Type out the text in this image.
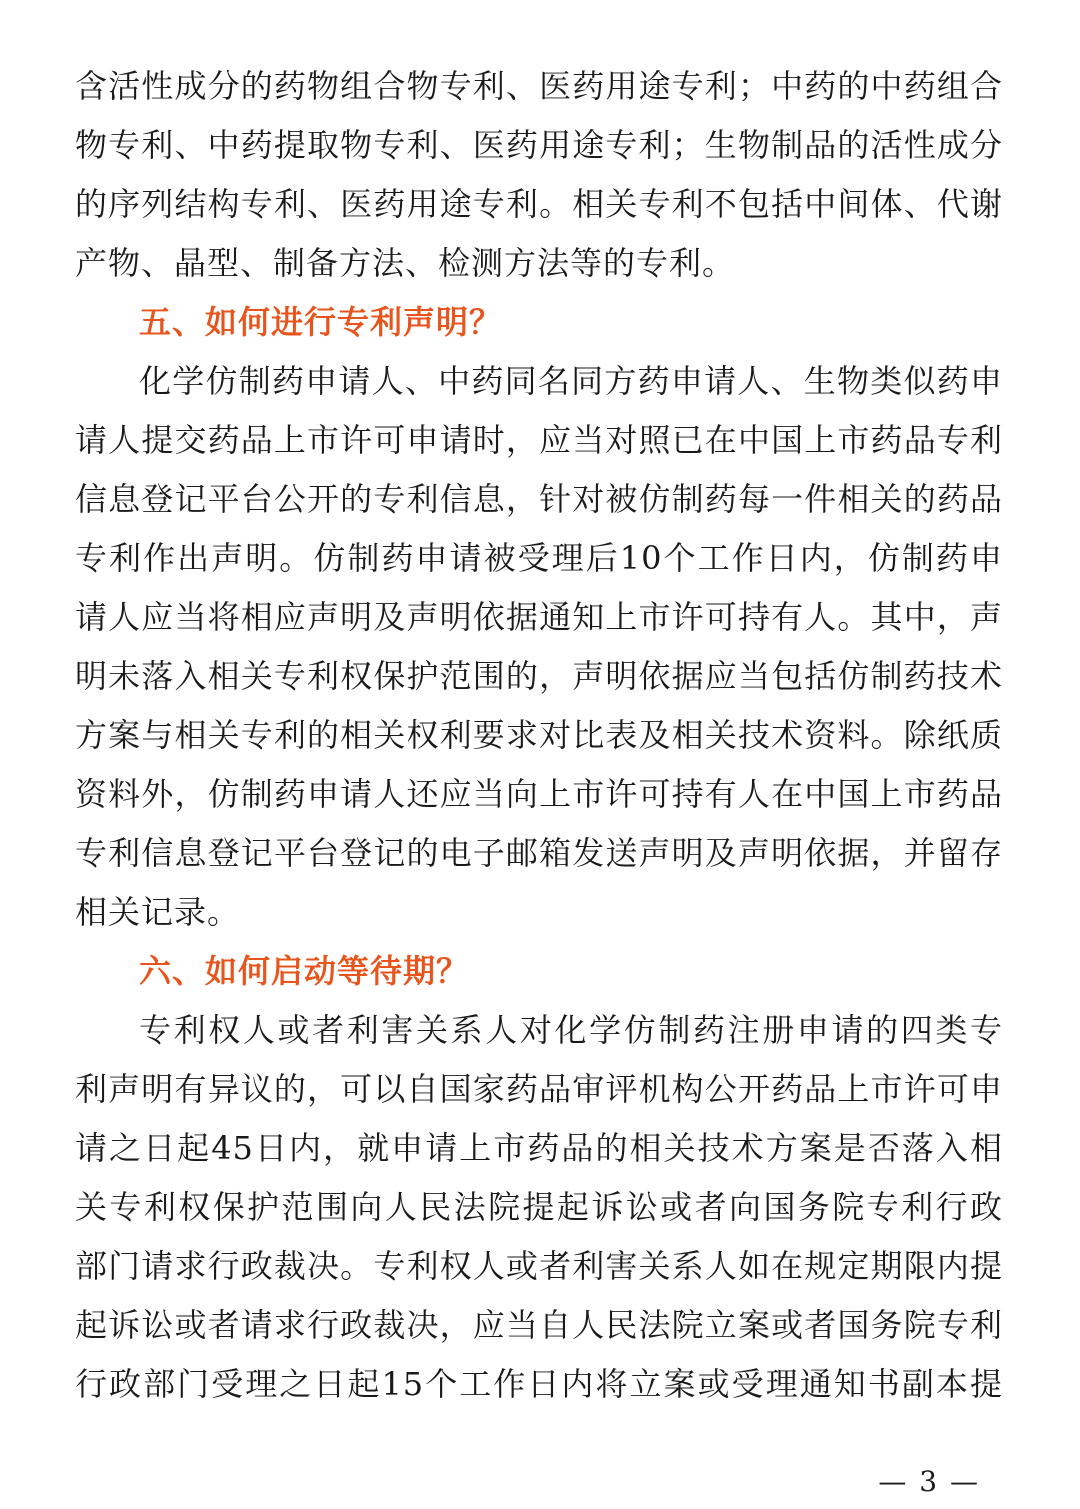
含活性成分的药物组合物专利、医药用途专利；中药的中药组合
物专利、中药提取物专利、医药用途专利；生物制品的活性成分
的序列结构专利、医药用途专利。相关专利不包括中间体、代谢
产物、晶型、制备方法、检测方法等的专利。
五、如何进行专利声明？
化学仿制药申请人、中药同名同方药申请人、生物类似药申
请人提交药品上市许可申请时，应当对照已在中国上市药品专利
信息登记平台公开的专利信息，针对被仿制药每一件相关的药品
专利作出声明。仿制药申请被受理后10个工作日内，仿制药申
请人应当将相应声明及声明依据通知上市许可持有人。其中，声
明未落入相关专利权保护范围的，声明依据应当包括仿制药技术
方案与相关专利的相关权利要求对比表及相关技术资料。除纸质
资料外，仿制药申请人还应当向上市许可持有人在中国上市药品
专利信息登记平台登记的电子邮箱发送声明及声明依据，并留存
相关记录。
六、如何启动等待期？
专利权人或者利害关系人对化学仿制药注册申请的四类专
利声明有异议的，可以自国家药品审评机构公开药品上市许可申
请之日起45日内，就申请上市药品的相关技术方案是否落入相
关专利权保护范围向人民法院提起诉讼或者向国务院专利行政
部门请求行政裁决。专利权人或者利害关系人如在规定期限内提
起诉讼或者请求行政裁决，应当自人民法院立案或者国务院专利
行政部门受理之日起15个工作日内将立案或受理通知书副本提
— 3 —
